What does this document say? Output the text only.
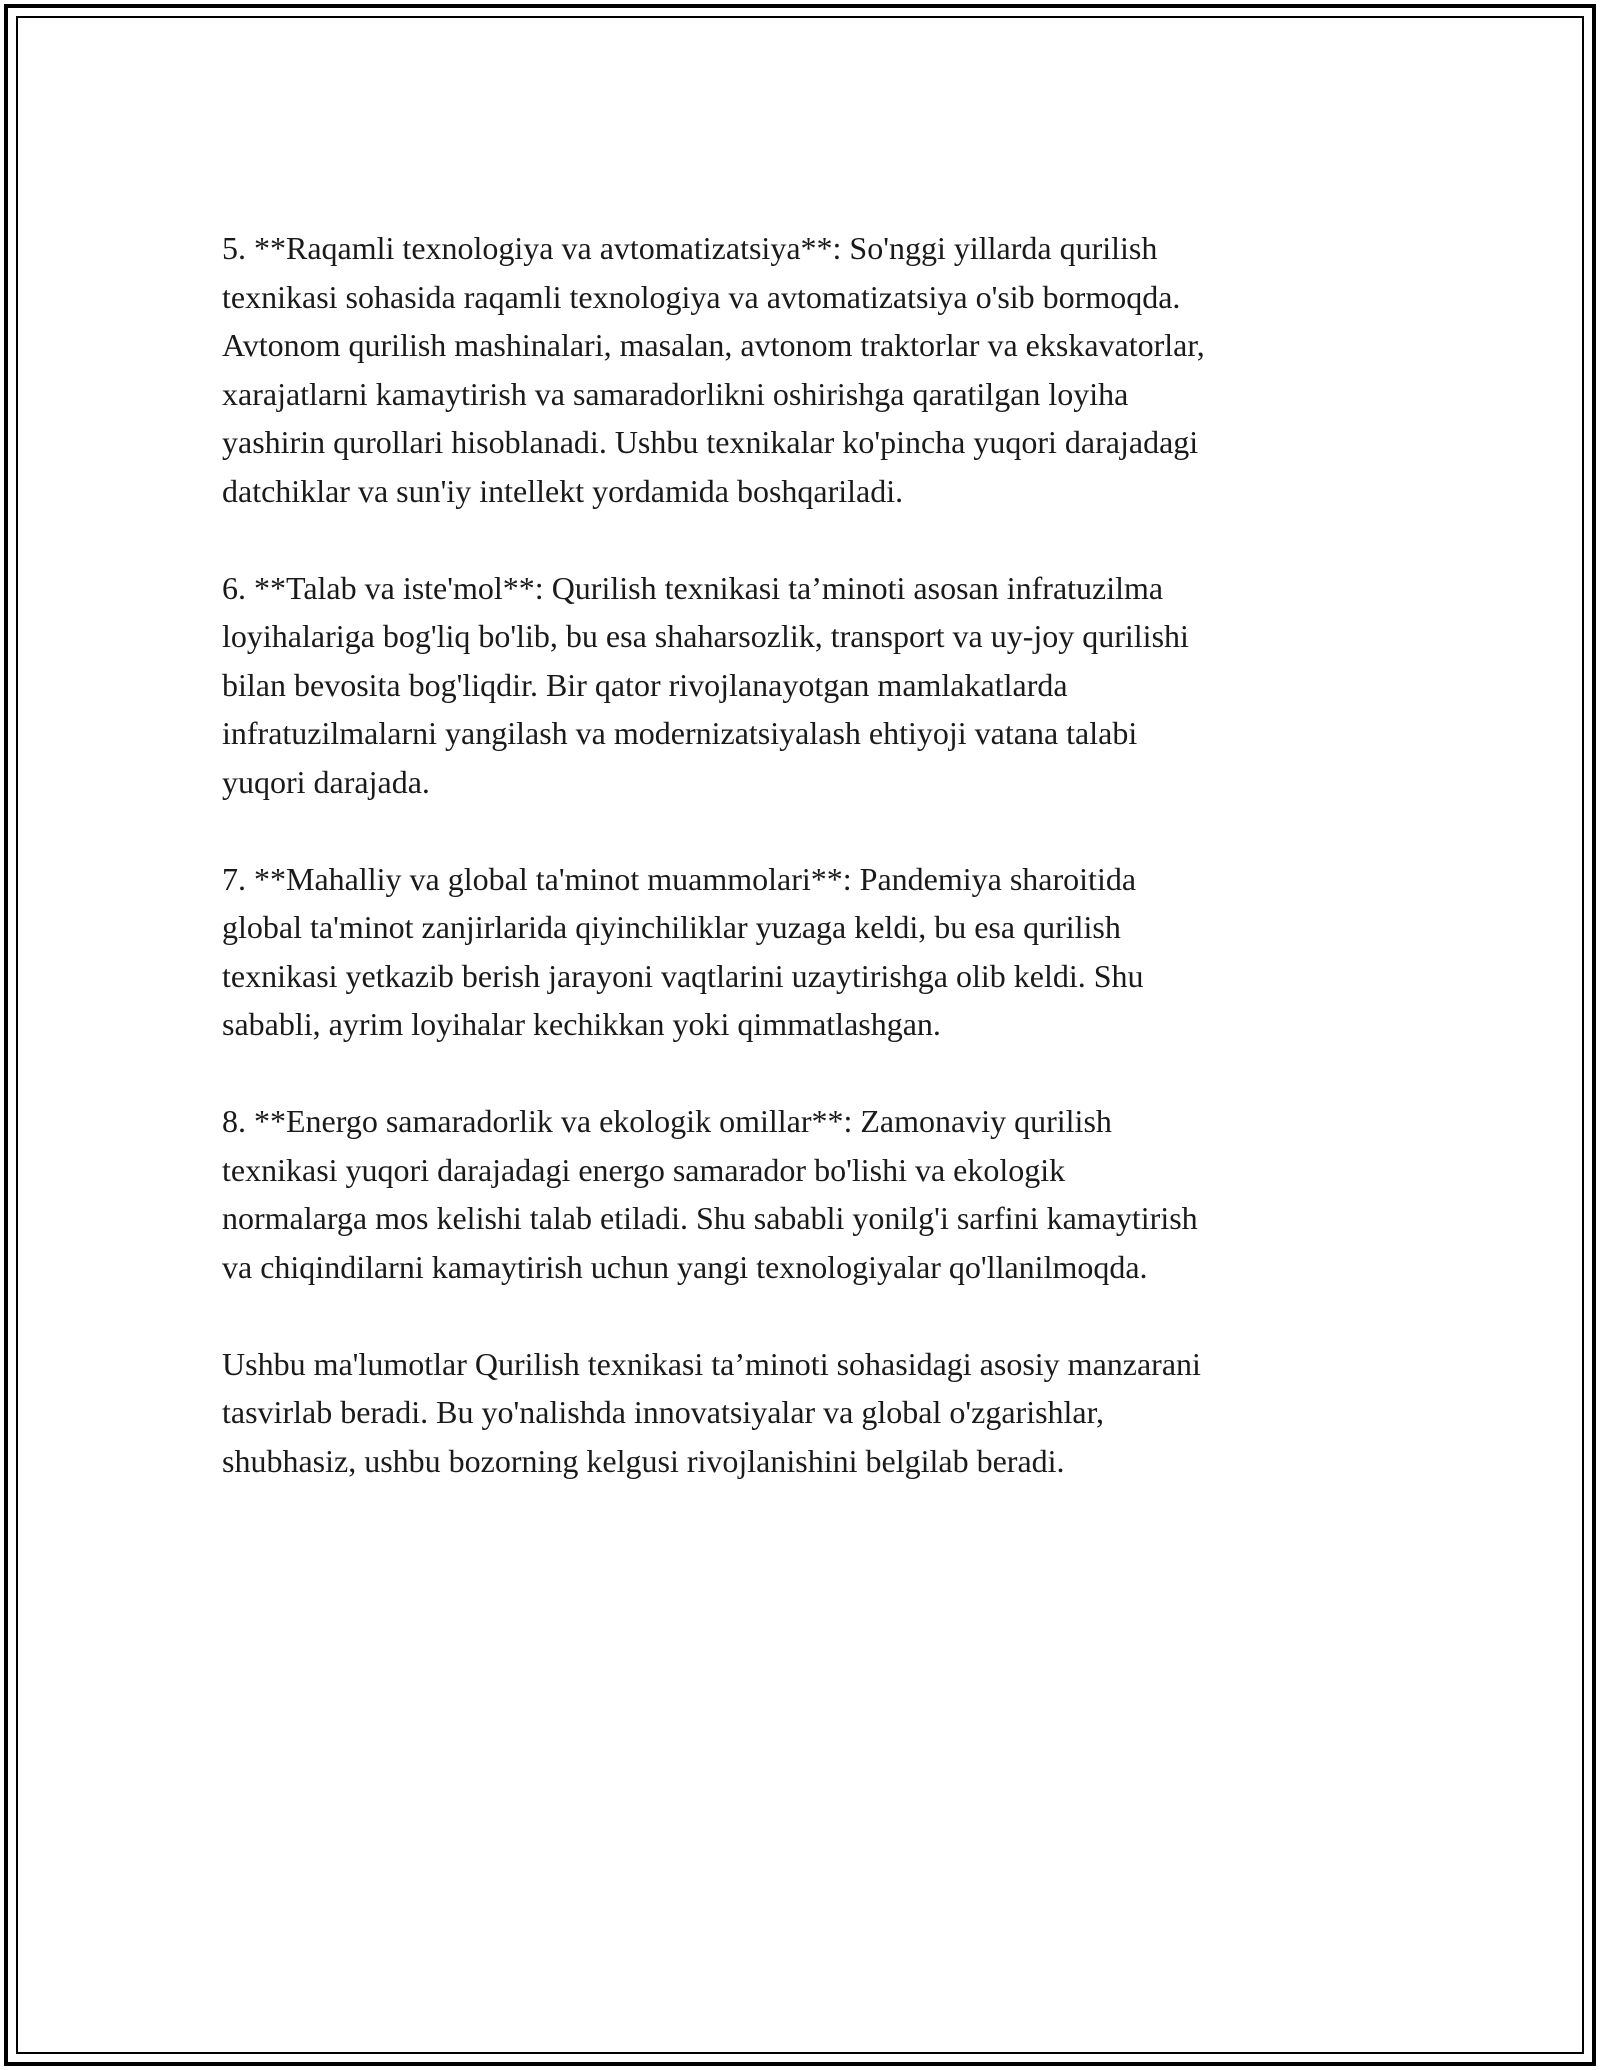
5. **Raqamli texnologiya va avtomatizatsiya**: So'nggi yillarda qurilish
texnikasi sohasida raqamli texnologiya va avtomatizatsiya o'sib bormoqda.
Avtonom qurilish mashinalari, masalan, avtonom traktorlar va ekskavatorlar,
xarajatlarni kamaytirish va samaradorlikni oshirishga qaratilgan loyiha
yashirin qurollari hisoblanadi. Ushbu texnikalar ko'pincha yuqori darajadagi
datchiklar va sun'iy intellekt yordamida boshqariladi.

6. **Talab va iste'mol**: Qurilish texnikasi ta’minoti asosan infratuzilma
loyihalariga bog'liq bo'lib, bu esa shaharsozlik, transport va uy-joy qurilishi
bilan bevosita bog'liqdir. Bir qator rivojlanayotgan mamlakatlarda
infratuzilmalarni yangilash va modernizatsiyalash ehtiyoji vatana talabi
yuqori darajada.

7. **Mahalliy va global ta'minot muammolari**: Pandemiya sharoitida
global ta'minot zanjirlarida qiyinchiliklar yuzaga keldi, bu esa qurilish
texnikasi yetkazib berish jarayoni vaqtlarini uzaytirishga olib keldi. Shu
sababli, ayrim loyihalar kechikkan yoki qimmatlashgan.

8. **Energo samaradorlik va ekologik omillar**: Zamonaviy qurilish
texnikasi yuqori darajadagi energo samarador bo'lishi va ekologik
normalarga mos kelishi talab etiladi. Shu sababli yonilg'i sarfini kamaytirish
va chiqindilarni kamaytirish uchun yangi texnologiyalar qo'llanilmoqda.

Ushbu ma'lumotlar Qurilish texnikasi ta’minoti sohasidagi asosiy manzarani
tasvirlab beradi. Bu yo'nalishda innovatsiyalar va global o'zgarishlar,
shubhasiz, ushbu bozorning kelgusi rivojlanishini belgilab beradi.
